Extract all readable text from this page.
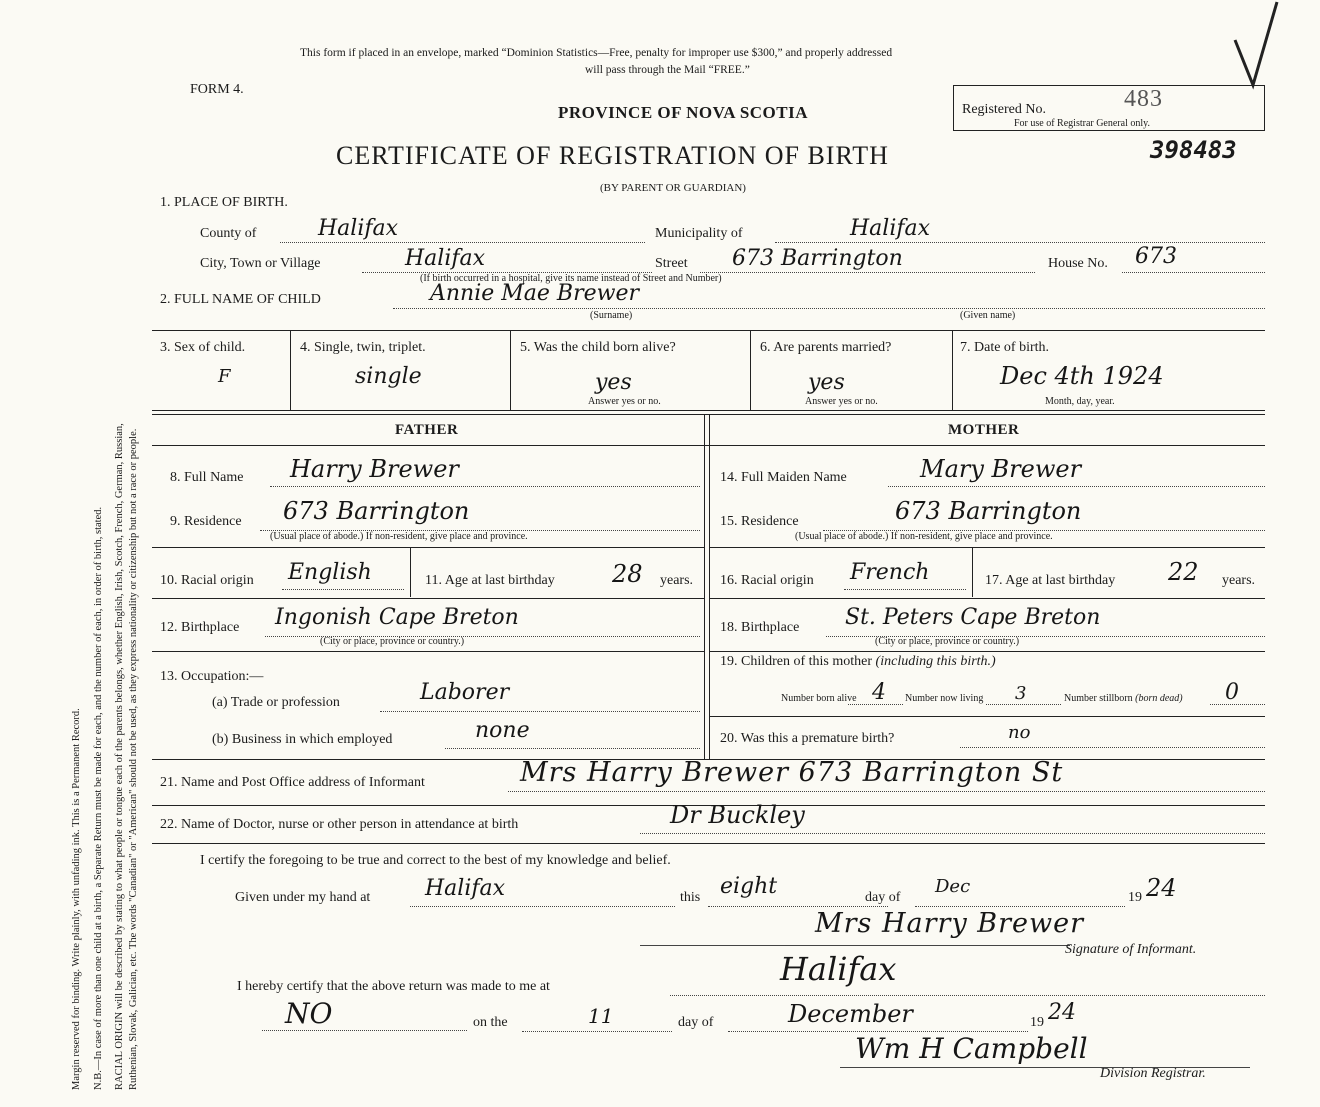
Margin reserved for binding. Write plainly, with unfading ink. This is a Permanent Record. N.B.—In case of more than one child at a birth, a Separate Return must be made for each, and the number of each, in order of birth, stated. RACIAL ORIGIN will be described by stating to what people or tongue each of the parents belongs, whether English, Irish, Scotch, French, German, Russian, Ruthenian, Slovak, Galician, etc. The words "Canadian" or "American" should not be used, as they express nationality or citizenship but not a race or people.
This form if placed in an envelope, marked “Dominion Statistics—Free, penalty for improper use $300,” and properly addressed
will pass through the Mail “FREE.”
FORM 4.
PROVINCE OF NOVA SCOTIA
CERTIFICATE OF REGISTRATION OF BIRTH
(BY PARENT OR GUARDIAN)
Registered No.	483
For use of Registrar General only.
398483
1. PLACE OF BIRTH.
County of	Halifax	Municipality of	Halifax
City, Town or Village	Halifax	Street 673 Barrington	House No. 673
(If birth occurred in a hospital, give its name instead of Street and Number)
2. FULL NAME OF CHILD	Annie Mae Brewer
(Surname)	(Given name)
3. Sex of child.
F
4. Single, twin, triplet.
single
5. Was the child born alive?
yes
Answer yes or no.
6. Are parents married?
yes
Answer yes or no.
7. Date of birth.
Dec 4th 1924
Month, day, year.
FATHER	MOTHER
8. Full Name Harry Brewer
9. Residence 673 Barrington
(Usual place of abode.) If non-resident, give place and province.
10. Racial origin English	11. Age at last birthday 28 years.
12. Birthplace Ingonish Cape Breton
(City or place, province or country.)
13. Occupation:—
(a) Trade or profession	Laborer
(b) Business in which employed	none
14. Full Maiden Name	Mary Brewer
15. Residence	673 Barrington
(Usual place of abode.) If non-resident, give place and province.
16. Racial origin French	17. Age at last birthday 22 years.
18. Birthplace St. Peters Cape Breton
(City or place, province or country.)
19. Children of this mother (including this birth.)
Number born alive 4 Number now living 3	Number stillborn (born dead) 0
20. Was this a premature birth?	no
21. Name and Post Office address of Informant	Mrs Harry Brewer 673 Barrington St
22. Name of Doctor, nurse or other person in attendance at birth	Dr Buckley
I certify the foregoing to be true and correct to the best of my knowledge and belief.
Given under my hand at Halifax	this eight	day of
Dec
19 24
Mrs Harry Brewer
Signature of Informant.
I hereby certify that the above return was made to me at	Halifax
NO	on the	11	day of	December	19 24
Wm H Campbell
Division Registrar.
